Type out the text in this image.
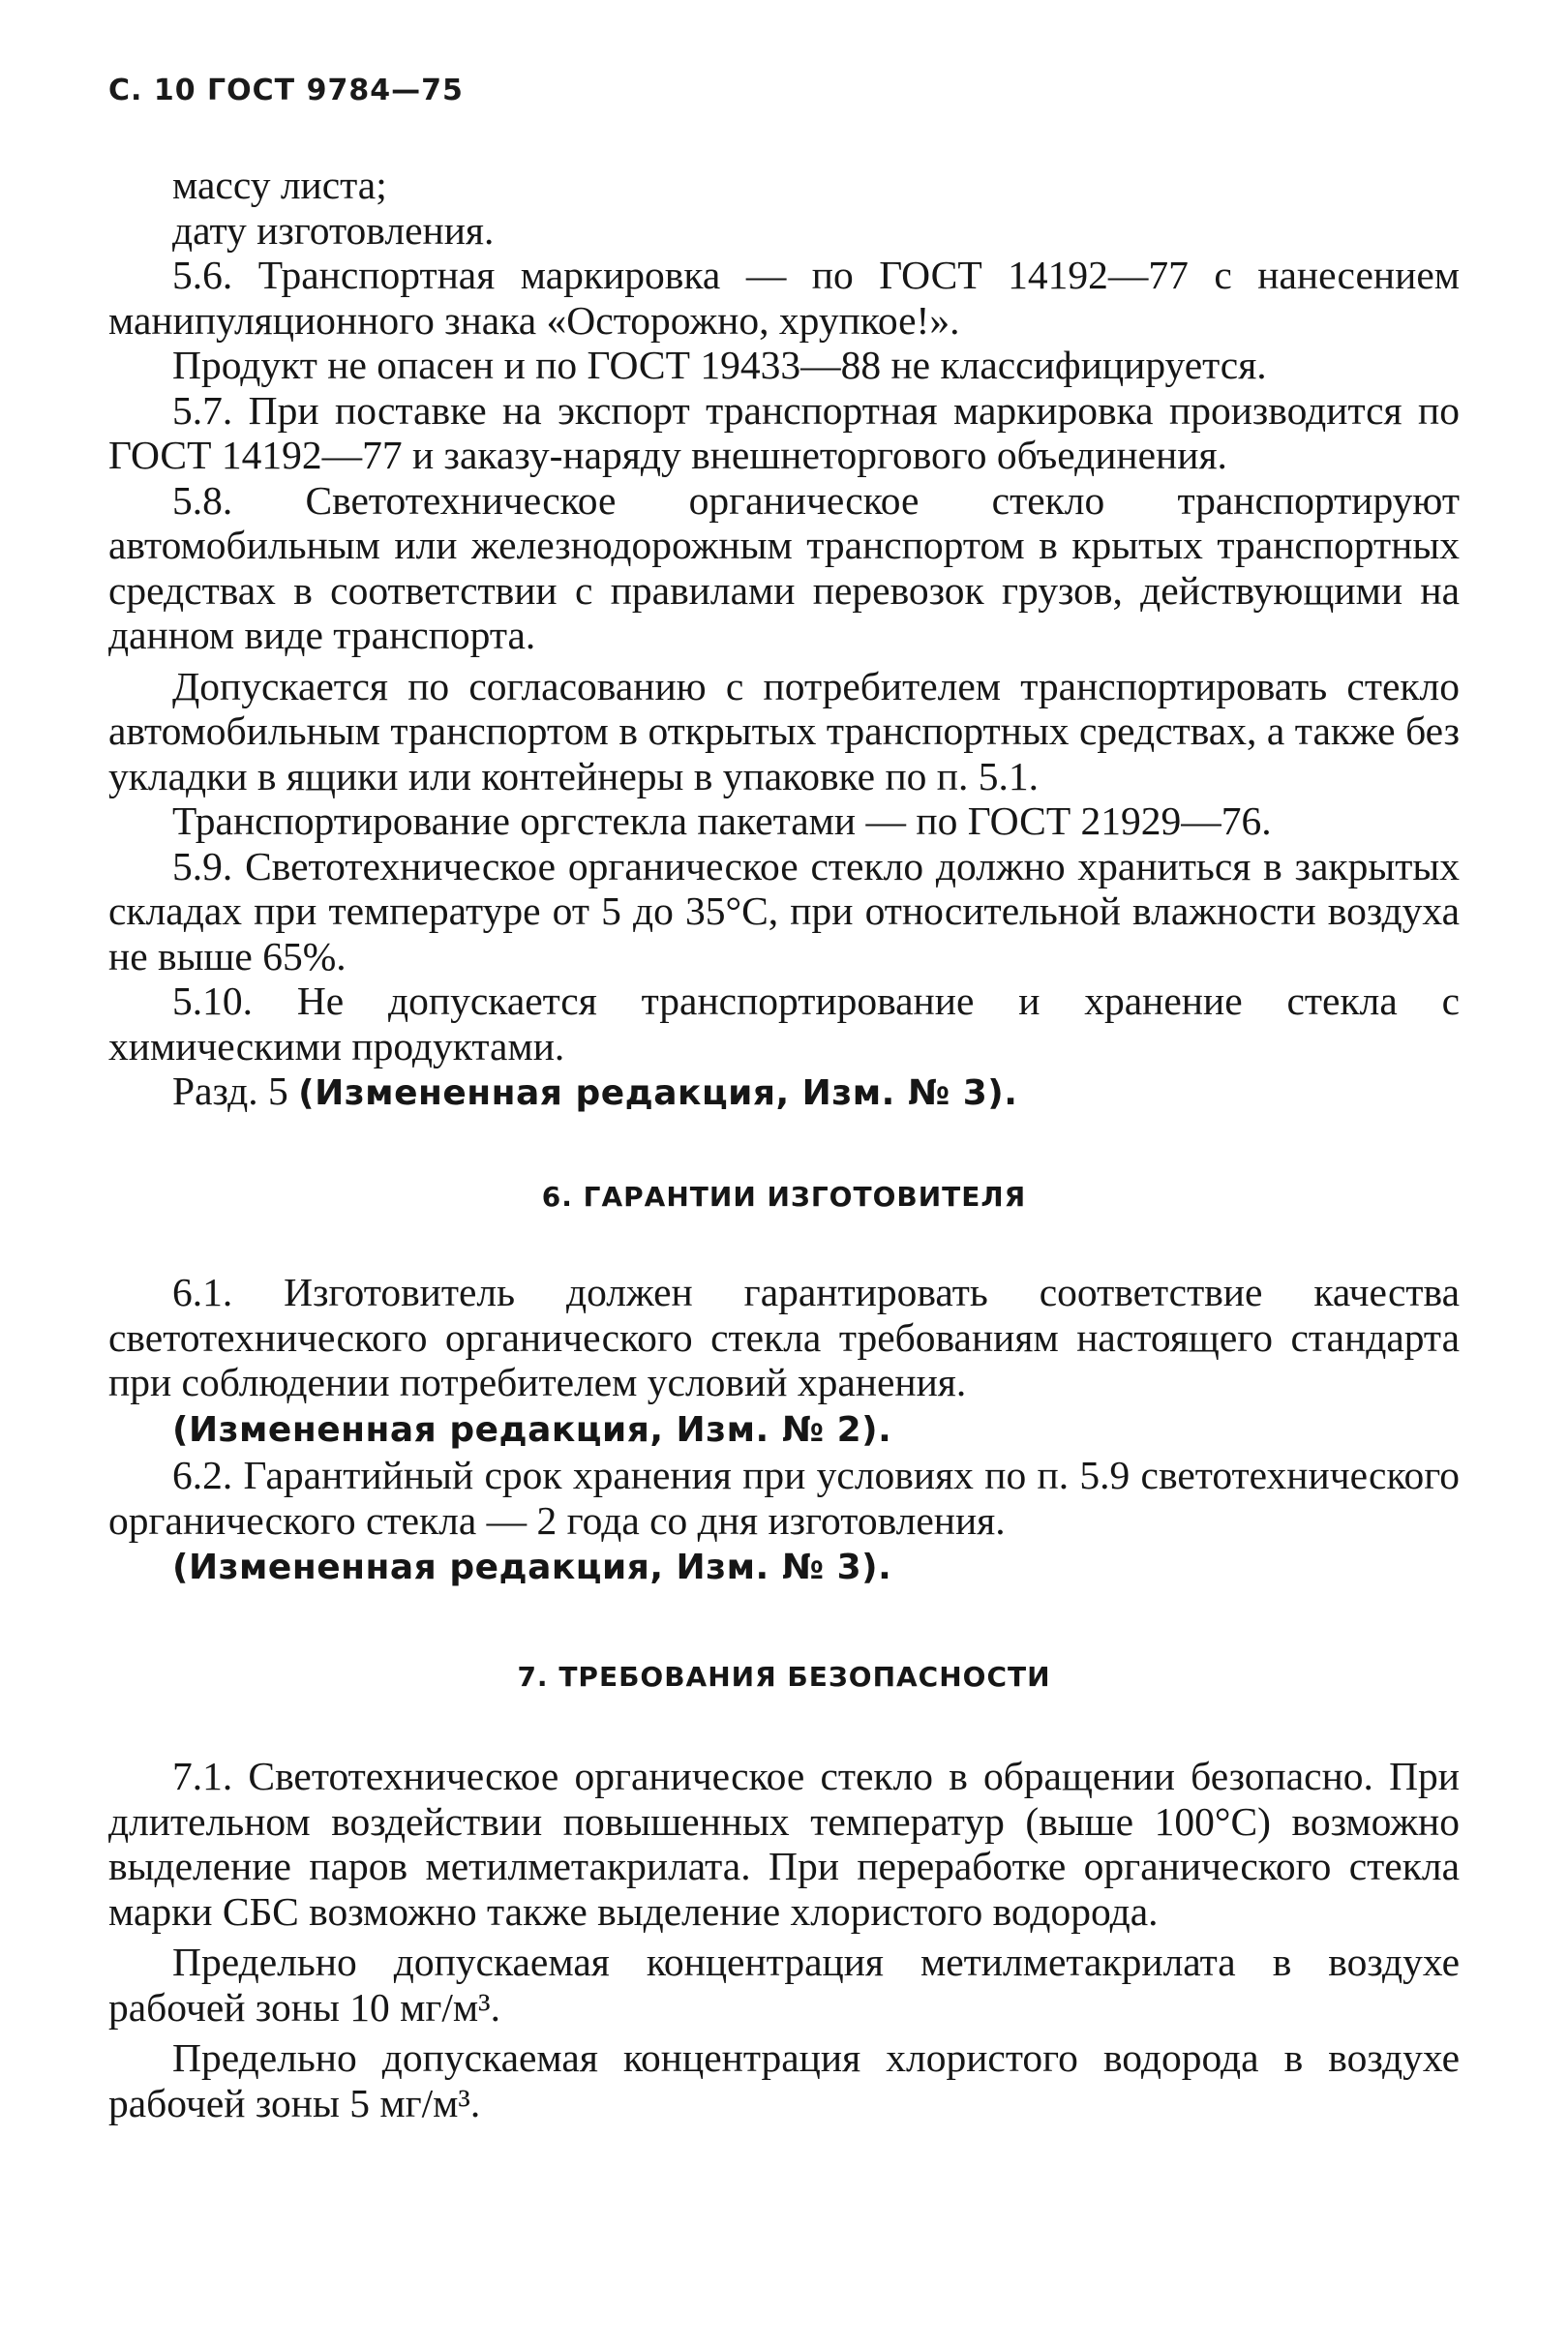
С. 10 ГОСТ 9784—75

массу листа;

дату изготовления.

5.6. Транспортная маркировка — по ГОСТ 14192—77 с нанесением манипуляционного знака «Осторожно, хрупкое!».

Продукт не опасен и по ГОСТ 19433—88 не классифицируется.

5.7. При поставке на экспорт транспортная маркировка производится по ГОСТ 14192—77 и заказу-наряду внешнеторгового объединения.

5.8. Светотехническое органическое стекло транспортируют автомобильным или железнодорожным транспортом в крытых транспортных средствах в соответствии с правилами перевозок грузов, действующими на данном виде транспорта.

Допускается по согласованию с потребителем транспортировать стекло автомобильным транспортом в открытых транспортных средствах, а также без укладки в ящики или контейнеры в упаковке по п. 5.1.

Транспортирование оргстекла пакетами — по ГОСТ 21929—76.

5.9. Светотехническое органическое стекло должно храниться в закрытых складах при температуре от 5 до 35°С, при относительной влажности воздуха не выше 65%.

5.10. Не допускается транспортирование и хранение стекла с химическими продуктами.

Разд. 5 (Измененная редакция, Изм. № 3).

6. ГАРАНТИИ ИЗГОТОВИТЕЛЯ

6.1. Изготовитель должен гарантировать соответствие качества светотехнического органического стекла требованиям настоящего стандарта при соблюдении потребителем условий хранения.

(Измененная редакция, Изм. № 2).

6.2. Гарантийный срок хранения при условиях по п. 5.9 светотехнического органического стекла — 2 года со дня изготовления.

(Измененная редакция, Изм. № 3).

7. ТРЕБОВАНИЯ БЕЗОПАСНОСТИ

7.1. Светотехническое органическое стекло в обращении безопасно. При длительном воздействии повышенных температур (выше 100°С) возможно выделение паров метилметакрилата. При переработке органического стекла марки СБС возможно также выделение хлористого водорода.

Предельно допускаемая концентрация метилметакрилата в воздухе рабочей зоны 10 мг/м³.

Предельно допускаемая концентрация хлористого водорода в воздухе рабочей зоны 5 мг/м³.
